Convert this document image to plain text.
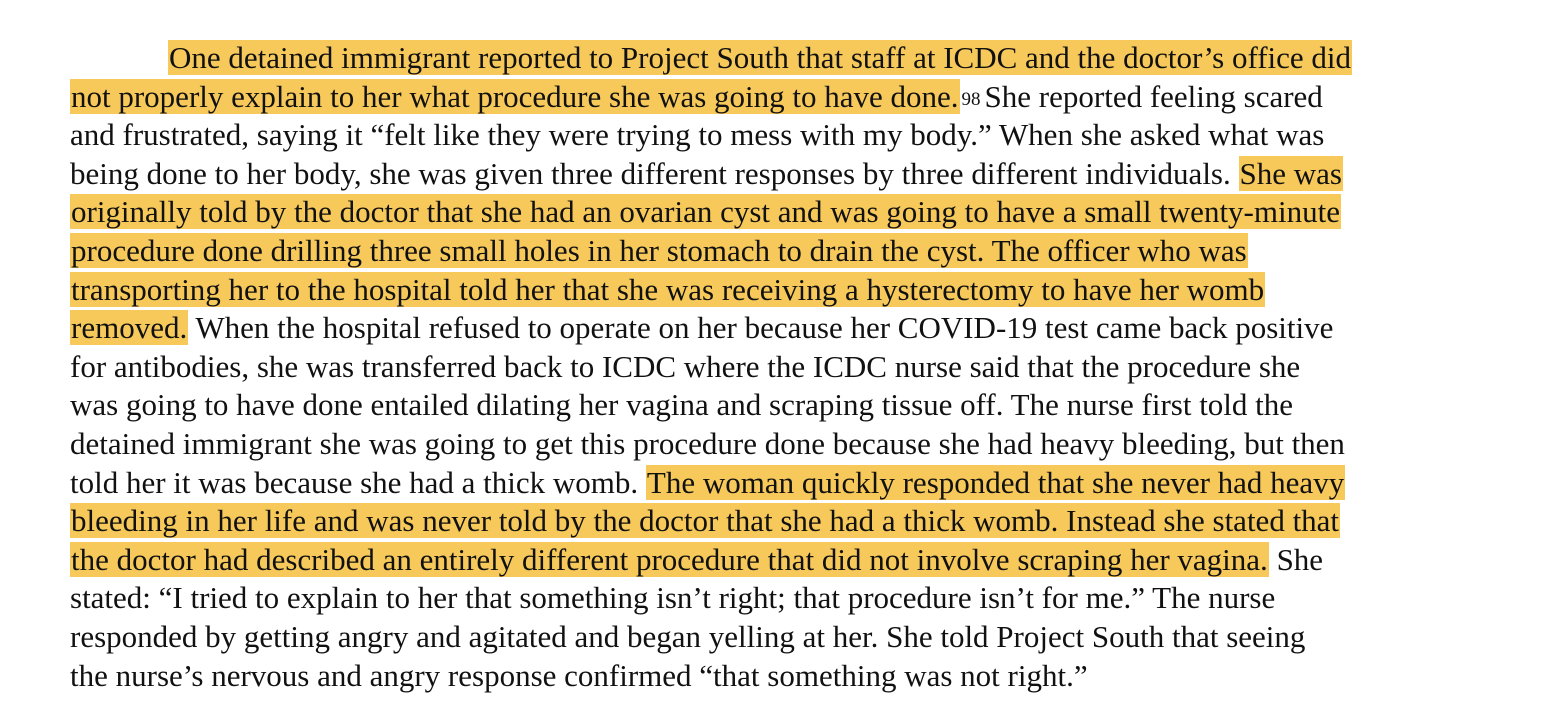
One detained immigrant reported to Project South that staff at ICDC and the doctor’s office did
not properly explain to her what procedure she was going to have done. 98 She reported feeling scared
and frustrated, saying it “felt like they were trying to mess with my body.” When she asked what was
being done to her body, she was given three different responses by three different individuals. She was
originally told by the doctor that she had an ovarian cyst and was going to have a small twenty-minute
procedure done drilling three small holes in her stomach to drain the cyst. The officer who was
transporting her to the hospital told her that she was receiving a hysterectomy to have her womb
removed. When the hospital refused to operate on her because her COVID-19 test came back positive
for antibodies, she was transferred back to ICDC where the ICDC nurse said that the procedure she
was going to have done entailed dilating her vagina and scraping tissue off. The nurse first told the
detained immigrant she was going to get this procedure done because she had heavy bleeding, but then
told her it was because she had a thick womb. The woman quickly responded that she never had heavy
bleeding in her life and was never told by the doctor that she had a thick womb. Instead she stated that
the doctor had described an entirely different procedure that did not involve scraping her vagina. She
stated: “I tried to explain to her that something isn’t right; that procedure isn’t for me.” The nurse
responded by getting angry and agitated and began yelling at her. She told Project South that seeing
the nurse’s nervous and angry response confirmed “that something was not right.”
